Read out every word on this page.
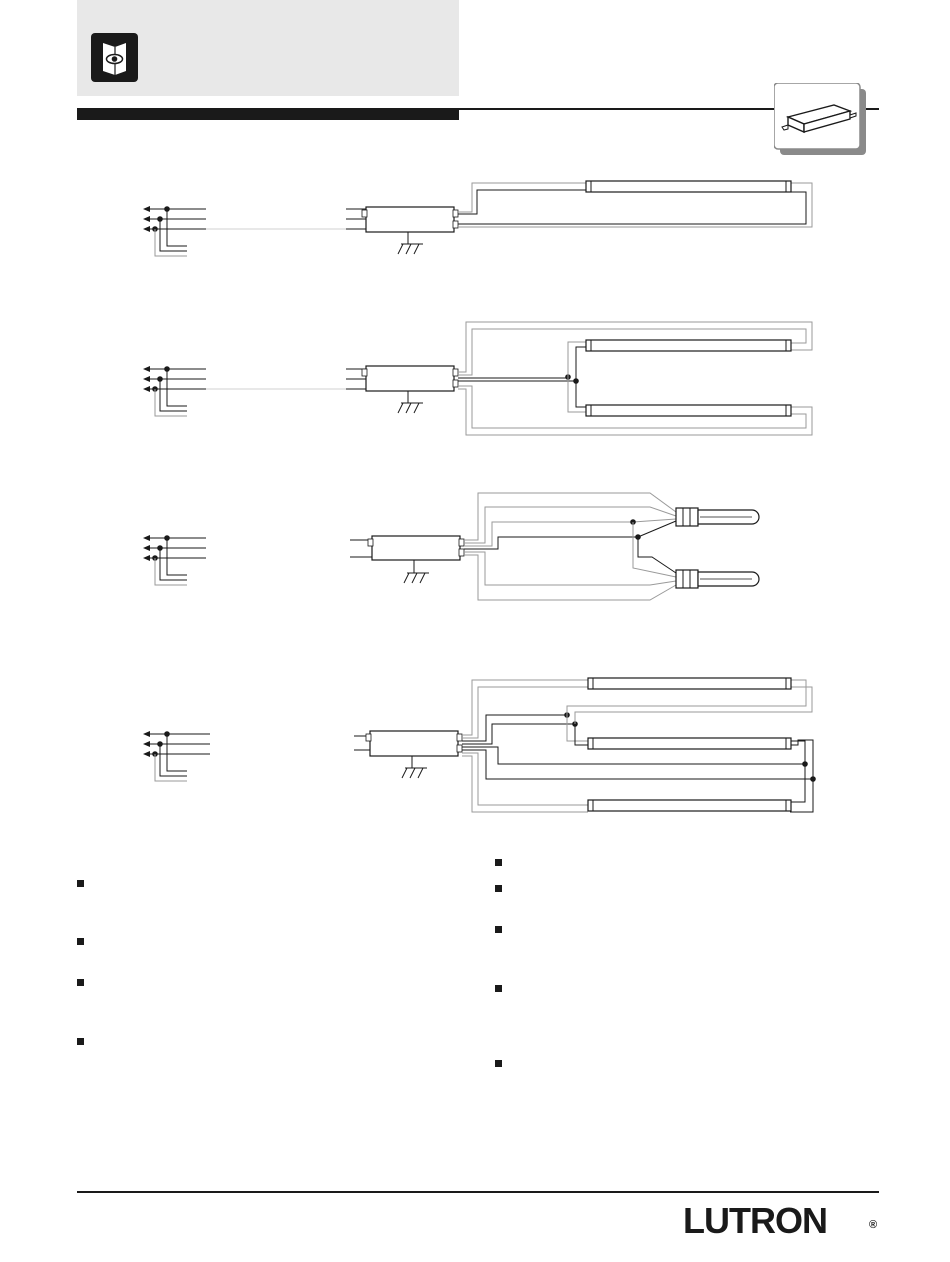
LUTRON	®
